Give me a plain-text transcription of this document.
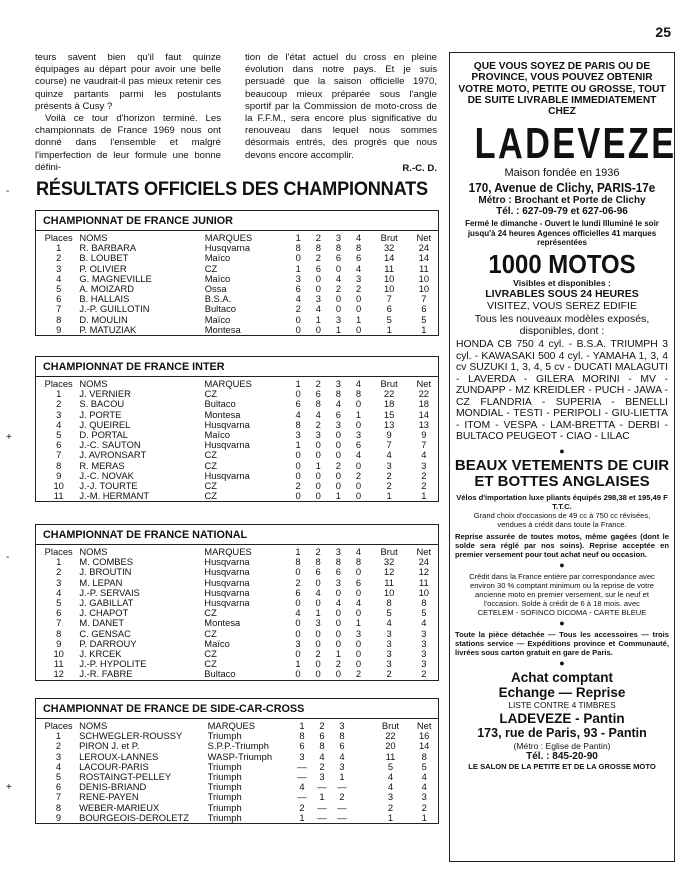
25

teurs savent bien qu'il faut quinze équipages au départ pour avoir une belle course) ne vaudrait-il pas mieux retenir ces quinze partants parmi les postulants présents à Cusy ?

Voilà ce tour d'horizon terminé. Les championnats de France 1969 nous ont donné dans l'ensemble et malgré l'imperfection de leur formule une bonne défini-

tion de l'état actuel du cross en pleine évolution dans notre pays. Et je suis persuadé que la saison officielle 1970, beaucoup mieux préparée sous l'angle sportif par la Commission de moto-cross de la F.F.M., sera encore plus significative du renouveau dans lequel nous sommes désormais entrés, des progrès que nous devons encore accomplir.

R.-C. D.

RÉSULTATS OFFICIELS DES CHAMPIONNATS
CHAMPIONNAT DE FRANCE JUNIOR
Places	NOMS	MARQUES	1	2	3	4	Brut	Net
1	R. BARBARA	Husqvarna	8	8	8	8	32	24
2	B. LOUBET	Maïco	0	2	6	6	14	14
3	P. OLIVIER	CZ	1	6	0	4	11	11
4	G. MAGNEVILLE	Maïco	3	0	4	3	10	10
5	A. MOIZARD	Ossa	6	0	2	2	10	10
6	B. HALLAIS	B.S.A.	4	3	0	0	7	7
7	J.-P. GUILLOTIN	Bultaco	2	4	0	0	6	6
8	D. MOULIN	Maïco	0	1	3	1	5	5
9	P. MATUZIAK	Montesa	0	0	1	0	1	1
CHAMPIONNAT DE FRANCE INTER
Places	NOMS	MARQUES	1	2	3	4	Brut	Net
1	J. VERNIER	CZ	0	6	8	8	22	22
2	S. BACOU	Bultaco	6	8	4	0	18	18
3	J. PORTE	Montesa	4	4	6	1	15	14
4	J. QUEIREL	Husqvarna	8	2	3	0	13	13
5	D. PORTAL	Maïco	3	3	0	3	9	9
6	J.-C. SAUTON	Husqvarna	1	0	0	6	7	7
7	J. AVRONSART	CZ	0	0	0	4	4	4
8	R. MERAS	CZ	0	1	2	0	3	3
9	J.-C. NOVAK	Husqvarna	0	0	0	2	2	2
10	J.-J. TOURTE	CZ	2	0	0	0	2	2
11	J.-M. HERMANT	CZ	0	0	1	0	1	1
CHAMPIONNAT DE FRANCE NATIONAL
Places	NOMS	MARQUES	1	2	3	4	Brut	Net
1	M. COMBES	Husqvarna	8	8	8	8	32	24
2	J. BROUTIN	Husqvarna	0	6	6	0	12	12
3	M. LEPAN	Husqvarna	2	0	3	6	11	11
4	J.-P. SERVAIS	Husqvarna	6	4	0	0	10	10
5	J. GABILLAT	Husqvarna	0	0	4	4	8	8
6	J. CHAPOT	CZ	4	1	0	0	5	5
7	M. DANET	Montesa	0	3	0	1	4	4
8	C. GENSAC	CZ	0	0	0	3	3	3
9	P. DARROUY	Maïco	3	0	0	0	3	3
10	J. KRCEK	CZ	0	2	1	0	3	3
11	J.-P. HYPOLITE	CZ	1	0	2	0	3	3
12	J.-R. FABRE	Bultaco	0	0	0	2	2	2
CHAMPIONNAT DE FRANCE DE SIDE-CAR-CROSS
Places	NOMS	MARQUES	1	2	3		Brut	Net
1	SCHWEGLER-ROUSSY	Triumph	8	6	8		22	16
2	PIRON J. et P.	S.P.P.-Triumph	6	8	6		20	14
3	LEROUX-LANNES	WASP-Triumph	3	4	4		11	8
4	LACOUR-PARIS	Triumph	—	2	3		5	5
5	ROSTAINGT-PELLEY	Triumph	—	3	1		4	4
6	DENIS-BRIAND	Triumph	4	—	—		4	4
7	RENE-PAYEN	Triumph	—	1	2		3	3
8	WEBER-MARIEUX	Triumph	2	—	—		2	2
9	BOURGEOIS-DEROLETZ	Triumph	1	—	—		1	1
QUE VOUS SOYEZ DE PARIS OU DE PROVINCE, VOUS POUVEZ OBTENIR VOTRE MOTO, PETITE OU GROSSE, TOUT DE SUITE LIVRABLE IMMEDIATEMENT CHEZ
LADEVEZE
Maison fondée en 1936
170, Avenue de Clichy, PARIS-17e
Métro : Brochant et Porte de Clichy
Tél. : 627-09-79 et 627-06-96
Fermé le dimanche - Ouvert le lundi Illuminé le soir jusqu'à 24 heures Agences officielles 41 marques représentées
1000 MOTOS
Visibles et disponibles :
LIVRABLES SOUS 24 HEURES
VISITEZ, VOUS SEREZ EDIFIE
Tous les nouveaux modèles exposés, disponibles, dont :
HONDA CB 750 4 cyl. - B.S.A. TRIUMPH 3 cyl. - KAWASAKI 500 4 cyl. - YAMAHA 1, 3, 4 cv SUZUKI 1, 3, 4, 5 cv - DUCATI MALAGUTI - LAVERDA - GILERA MORINI - MV - ZUNDAPP - MZ KREIDLER - PUCH - JAWA - CZ FLANDRIA - SUPERIA - BENELLI MONDIAL - TESTI - PERIPOLI - GIU-LIETTA - ITOM - VESPA - LAM-BRETTA - DERBI - BULTACO PEUGEOT - CIAO - LILAC
●
BEAUX VETEMENTS DE CUIR ET BOTTES ANGLAISES
Vélos d'importation luxe pliants équipés 298,38 et 195,49 F T.T.C.
Grand choix d'occasions de 49 cc à 750 cc révisées, vendues à crédit dans toute la France.
Reprise assurée de toutes motos, même gagées (dont le solde sera réglé par nos soins). Reprise acceptée en premier versement pour tout achat neuf ou occasion.
●
Crédit dans la France entière par correspondance avec environ 30 % comptant minimum ou la reprise de votre ancienne moto en premier versement, sur le neuf et l'occasion. Solde à crédit de 6 à 18 mois. avec CETELEM - SOFINCO DICOMA - CARTE BLEUE
●
Toute la pièce détachée — Tous les accessoires — trois stations service — Expéditions province et Communauté, livrées sous carton gratuit en gare de Paris.
●
Achat comptant
Echange — Reprise
LISTE CONTRE 4 TIMBRES
LADEVEZE - Pantin
173, rue de Paris, 93 - Pantin
(Métro : Eglise de Pantin)
Tél. : 845-20-90
LE SALON DE LA PETITE ET DE LA GROSSE MOTO
-
+
-
+
